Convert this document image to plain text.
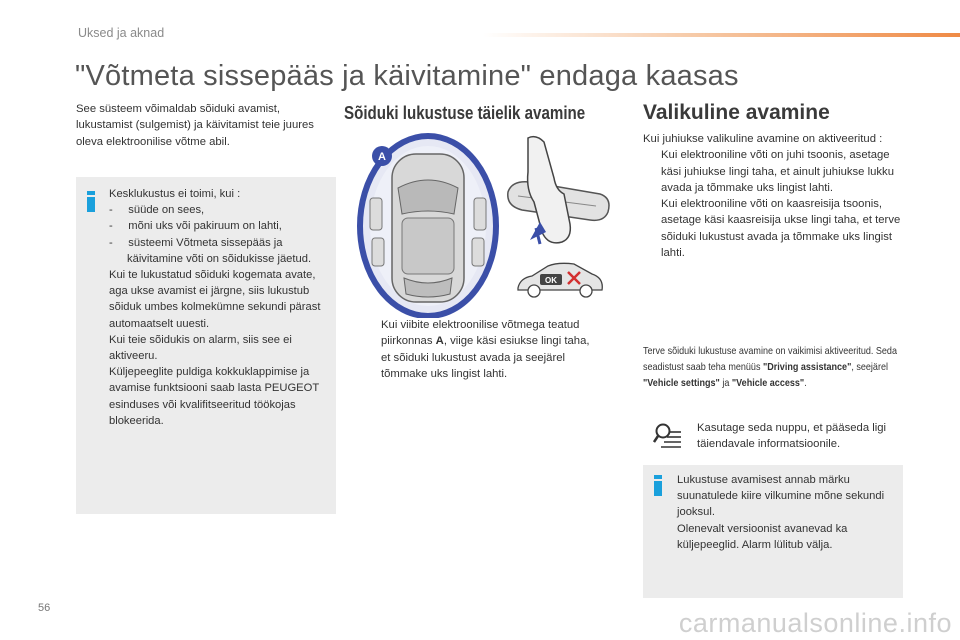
Uksed ja aknad
"Võtmeta sissepääs ja käivitamine" endaga kaasas
See süsteem võimaldab sõiduki avamist, lukustamist (sulgemist) ja käivitamist teie juures oleva elektroonilise võtme abil.
Kesklukustus ei toimi, kui :
-     süüde on sees,
-     mõni uks või pakiruum on lahti,
-     süsteemi Võtmeta sissepääs ja käivitamine võti on sõidukisse jäetud.
Kui te lukustatud sõiduki kogemata avate, aga ukse avamist ei järgne, siis lukustub sõiduk umbes kolmekümne sekundi pärast automaatselt uuesti.
Kui teie sõidukis on alarm, siis see ei aktiveeru.
Küljepeeglite puldiga kokkuklappimise ja avamise funktsiooni saab lasta PEUGEOT esinduses või kvalifitseeritud töökojas blokeerida.
Sõiduki lukustuse täielik avamine
A
OK
Kui viibite elektroonilise võtmega teatud piirkonnas A, viige käsi esiukse lingi taha, et sõiduki lukustust avada ja seejärel tõmmake uks lingist lahti.
Valikuline avamine
Kui juhiukse valikuline avamine on aktiveeritud :
Kui elektrooniline võti on juhi tsoonis, asetage käsi juhiukse lingi taha, et ainult juhiukse lukku avada ja tõmmake uks lingist lahti.
Kui elektrooniline võti on kaasreisija tsoonis, asetage käsi kaasreisija ukse lingi taha, et terve sõiduki lukustust avada ja tõmmake uks lingist lahti.
Terve sõiduki lukustuse avamine on vaikimisi aktiveeritud. Seda seadistust saab teha menüüs "Driving assistance", seejärel "Vehicle settings" ja "Vehicle access".
Kasutage seda nuppu, et pääseda ligi täiendavale informatsioonile.
Lukustuse avamisest annab märku suunatulede kiire vilkumine mõne sekundi jooksul.
Olenevalt versioonist avanevad ka küljepeeglid. Alarm lülitub välja.
56	carmanualsonline.info
